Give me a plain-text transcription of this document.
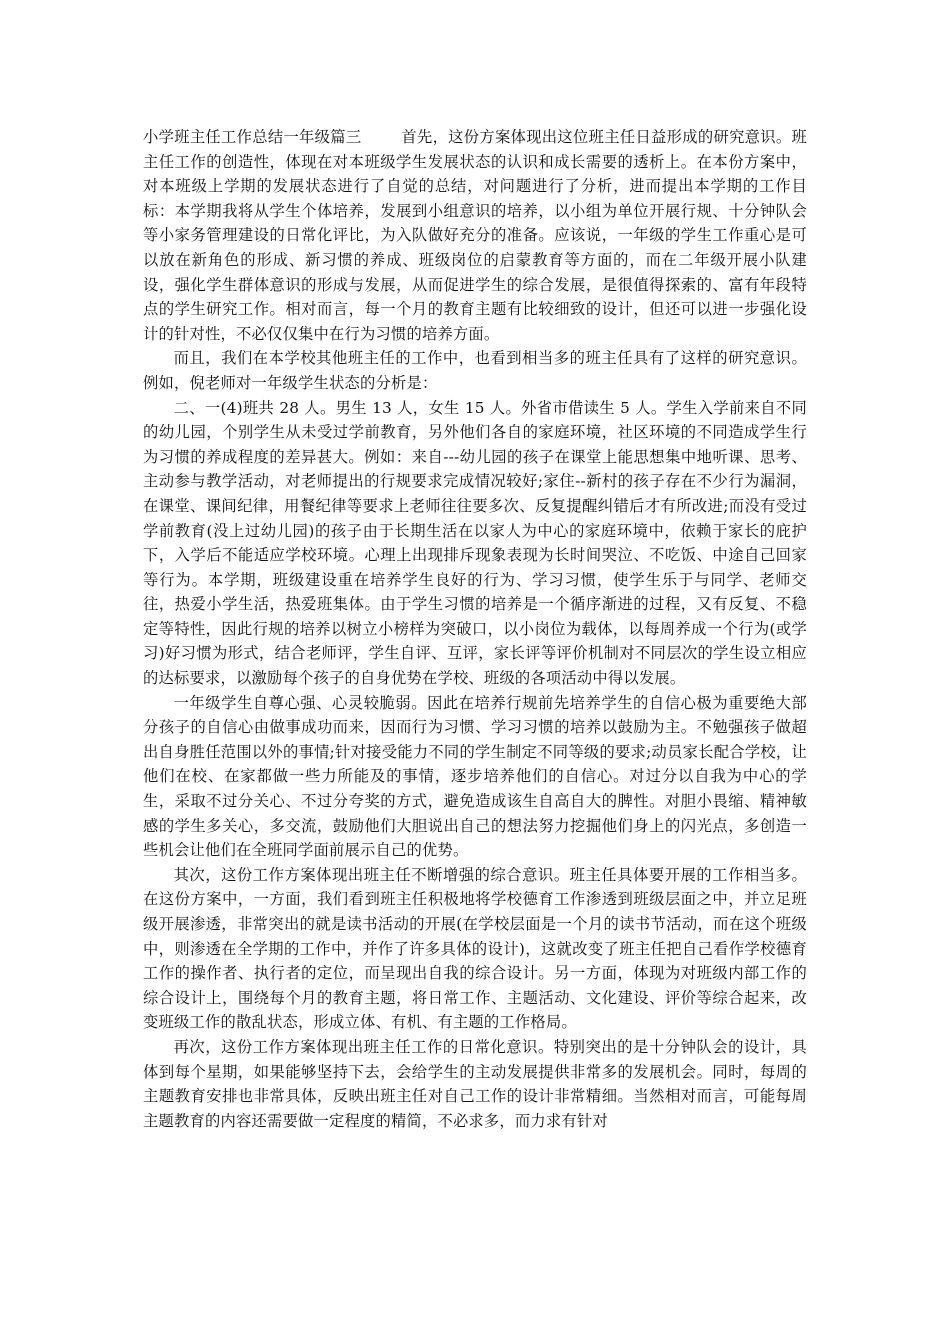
小学班主任工作总结一年级篇三	首先，这份方案体现出这位班主任日益形成的研究意识。班主任工作的创造性，体现在对本班级学生发展状态的认识和成长需要的透析上。在本份方案中，对本班级上学期的发展状态进行了自觉的总结，对问题进行了分析，进而提出本学期的工作目标：本学期我将从学生个体培养，发展到小组意识的培养，以小组为单位开展行规、十分钟队会等小家务管理建设的日常化评比，为入队做好充分的准备。应该说，一年级的学生工作重心是可以放在新角色的形成、新习惯的养成、班级岗位的启蒙教育等方面的，而在二年级开展小队建设，强化学生群体意识的形成与发展，从而促进学生的综合发展，是很值得探索的、富有年段特点的学生研究工作。相对而言，每一个月的教育主题有比较细致的设计，但还可以进一步强化设计的针对性，不必仅仅集中在行为习惯的培养方面。

而且，我们在本学校其他班主任的工作中，也看到相当多的班主任具有了这样的研究意识。例如，倪老师对一年级学生状态的分析是：

二、一(4)班共 28 人。男生 13 人，女生 15 人。外省市借读生 5 人。学生入学前来自不同的幼儿园，个别学生从未受过学前教育，另外他们各自的家庭环境，社区环境的不同造成学生行为习惯的养成程度的差异甚大。例如：来自---幼儿园的孩子在课堂上能思想集中地听课、思考、主动参与教学活动，对老师提出的行规要求完成情况较好;家住--新村的孩子存在不少行为漏洞，在课堂、课间纪律，用餐纪律等要求上老师往往要多次、反复提醒纠错后才有所改进;而没有受过学前教育(没上过幼儿园)的孩子由于长期生活在以家人为中心的家庭环境中，依赖于家长的庇护下，入学后不能适应学校环境。心理上出现排斥现象表现为长时间哭泣、不吃饭、中途自己回家等行为。本学期，班级建设重在培养学生良好的行为、学习习惯，使学生乐于与同学、老师交往，热爱小学生活，热爱班集体。由于学生习惯的培养是一个循序渐进的过程，又有反复、不稳定等特性，因此行规的培养以树立小榜样为突破口，以小岗位为载体，以每周养成一个行为(或学习)好习惯为形式，结合老师评，学生自评、互评，家长评等评价机制对不同层次的学生设立相应的达标要求，以激励每个孩子的自身优势在学校、班级的各项活动中得以发展。

一年级学生自尊心强、心灵较脆弱。因此在培养行规前先培养学生的自信心极为重要绝大部分孩子的自信心由做事成功而来，因而行为习惯、学习习惯的培养以鼓励为主。不勉强孩子做超出自身胜任范围以外的事情;针对接受能力不同的学生制定不同等级的要求;动员家长配合学校，让他们在校、在家都做一些力所能及的事情，逐步培养他们的自信心。对过分以自我为中心的学生，采取不过分关心、不过分夸奖的方式，避免造成该生自高自大的脾性。对胆小畏缩、精神敏感的学生多关心，多交流，鼓励他们大胆说出自己的想法努力挖掘他们身上的闪光点，多创造一些机会让他们在全班同学面前展示自己的优势。

其次，这份工作方案体现出班主任不断增强的综合意识。班主任具体要开展的工作相当多。在这份方案中，一方面，我们看到班主任积极地将学校德育工作渗透到班级层面之中，并立足班级开展渗透，非常突出的就是读书活动的开展(在学校层面是一个月的读书节活动，而在这个班级中，则渗透在全学期的工作中，并作了许多具体的设计)，这就改变了班主任把自己看作学校德育工作的操作者、执行者的定位，而呈现出自我的综合设计。另一方面，体现为对班级内部工作的综合设计上，围绕每个月的教育主题，将日常工作、主题活动、文化建设、评价等综合起来，改变班级工作的散乱状态，形成立体、有机、有主题的工作格局。

再次，这份工作方案体现出班主任工作的日常化意识。特别突出的是十分钟队会的设计，具体到每个星期，如果能够坚持下去，会给学生的主动发展提供非常多的发展机会。同时，每周的主题教育安排也非常具体，反映出班主任对自己工作的设计非常精细。当然相对而言，可能每周主题教育的内容还需要做一定程度的精简，不必求多，而力求有针对
